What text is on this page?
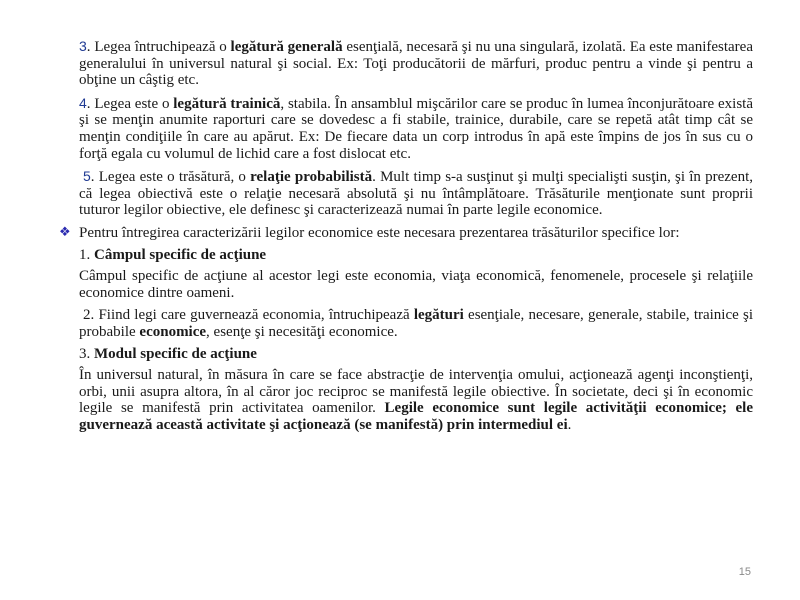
3. Legea întruchipează o legătură generală esenţială, necesară şi nu una singulară, izolată. Ea este manifestarea generalului în universul natural şi social. Ex: Toţi producătorii de mărfuri, produc pentru a vinde şi pentru a obţine un câştig etc.

4. Legea este o legătură trainică, stabila. În ansamblul mişcărilor care se produc în lumea înconjurătoare există şi se menţin anumite raporturi care se dovedesc a fi stabile, trainice, durabile, care se repetă atât timp cât se menţin condiţiile în care au apărut. Ex: De fiecare data un corp introdus în apă este împins de jos în sus cu o forţă egala cu volumul de lichid care a fost dislocat etc.

5. Legea este o trăsătură, o relaţie probabilistă. Mult timp s-a susţinut şi mulţi specialişti susţin, şi în prezent, că legea obiectivă este o relaţie necesară absolută şi nu întâmplătoare. Trăsăturile menţionate sunt proprii tuturor legilor obiective, ele definesc şi caracterizează numai în parte legile economice.

❖ Pentru întregirea caracterizării legilor economice este necesara prezentarea trăsăturilor specifice lor:

1. Câmpul specific de acţiune

Câmpul specific de acţiune al acestor legi este economia, viaţa economică, fenomenele, procesele şi relaţiile economice dintre oameni.

2. Fiind legi care guvernează economia, întruchipează legături esenţiale, necesare, generale, stabile, trainice şi probabile economice, esenţe şi necesităţi economice.

3. Modul specific de acţiune

În universul natural, în măsura în care se face abstracţie de intervenţia omului, acţionează agenţi inconştienţi, orbi, unii asupra altora, în al căror joc reciproc se manifestă legile obiective. În societate, deci şi în economic legile se manifestă prin activitatea oamenilor. Legile economice sunt legile activităţii economice; ele guvernează această activitate şi acţionează (se manifestă) prin intermediul ei.

15
